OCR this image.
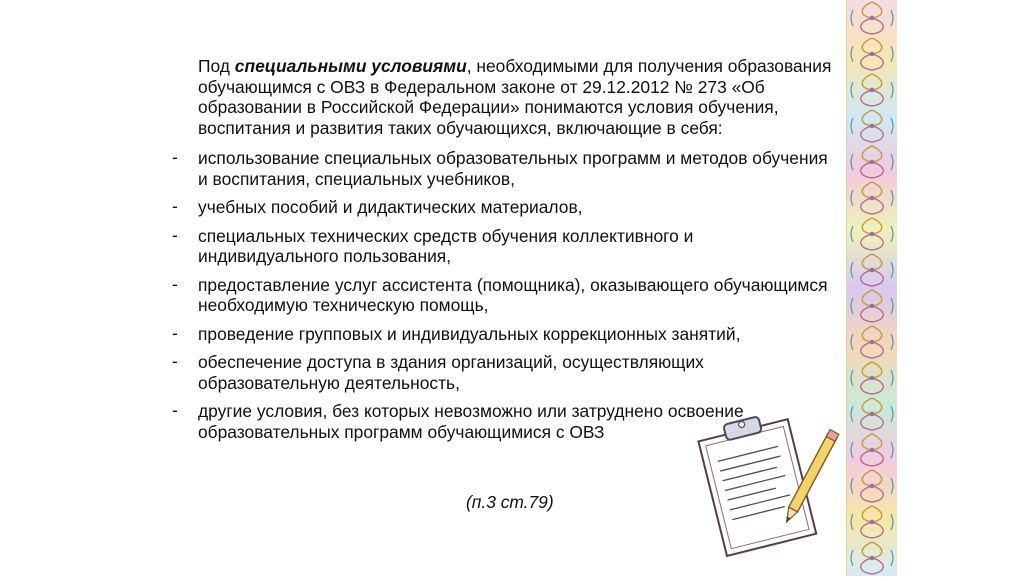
Под специальными условиями, необходимыми для получения образования обучающимся с ОВЗ в Федеральном законе от 29.12.2012 № 273 «Об образовании в Российской Федерации» понимаются условия обучения, воспитания и развития таких обучающихся, включающие в себя:

- использование специальных образовательных программ и методов обучения и воспитания, специальных учебников,
- учебных пособий и дидактических материалов,
- специальных технических средств обучения коллективного и индивидуального пользования,
- предоставление услуг ассистента (помощника), оказывающего обучающимся необходимую техническую помощь,
- проведение групповых и индивидуальных коррекционных занятий,
- обеспечение доступа в здания организаций, осуществляющих образовательную деятельность,
- другие условия, без которых невозможно или затруднено освоение образовательных программ обучающимися с ОВЗ
(п.3 ст.79)
